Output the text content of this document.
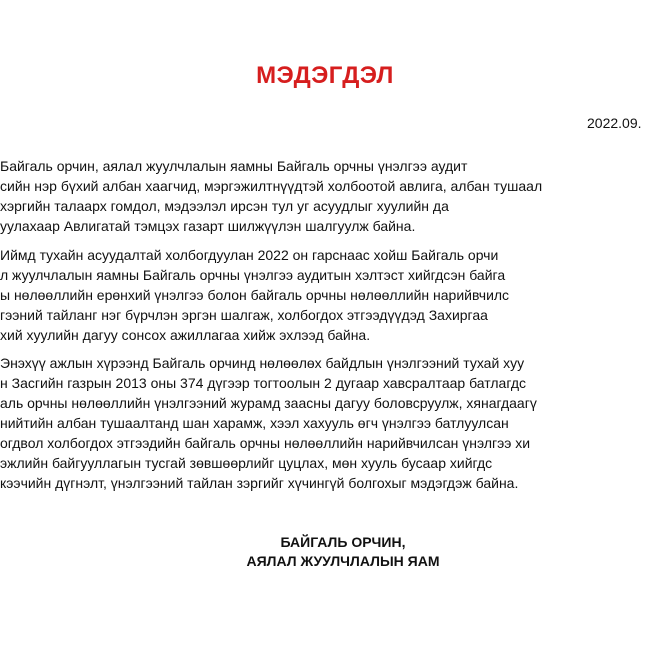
МЭДЭГДЭЛ
2022.09.

Байгаль орчин, аялал жуулчлалын яамны Байгаль орчны үнэлгээ аудит
сийн нэр бүхий албан хаагчид, мэргэжилтнүүдтэй холбоотой авлига, албан тушаал
хэргийн талаарх гомдол, мэдээлэл ирсэн тул уг асуудлыг хуулийн да
уулахаар Авлигатай тэмцэх газарт шилжүүлэн шалгуулж байна.

Иймд тухайн асуудалтай холбогдуулан 2022 он гарснаас хойш Байгаль орчи
л жуулчлалын яамны Байгаль орчны үнэлгээ аудитын хэлтэст хийгдсэн байга
ы нөлөөллийн ерөнхий үнэлгээ болон байгаль орчны нөлөөллийн нарийвчилс
гээний тайланг нэг бүрчлэн эргэн шалгаж, холбогдох этгээдүүдэд Захиргаа
хий хуулийн дагуу сонсох ажиллагаа хийж эхлээд байна.

Энэхүү ажлын хүрээнд Байгаль орчинд нөлөөлөх байдлын үнэлгээний тухай хуу
н Засгийн газрын 2013 оны 374 дүгээр тогтоолын 2 дугаар хавсралтаар батлагдс
аль орчны нөлөөллийн үнэлгээний журамд заасны дагуу боловсруулж, хянагдаагү
нийтийн албан тушаалтанд шан харамж, хээл хахууль өгч үнэлгээ батлуулсан
огдвол холбогдох этгээдийн байгаль орчны нөлөөллийн нарийвчилсан үнэлгээ хи
эжлийн байгууллагын тусгай зөвшөөрлийг цуцлах, мөн хууль бусаар хийгдс
кээчийн дүгнэлт, үнэлгээний тайлан зэргийг хүчингүй болгохыг мэдэгдэж байна.

БАЙГАЛЬ ОРЧИН,
АЯЛАЛ ЖУУЛЧЛАЛЫН ЯАМ
